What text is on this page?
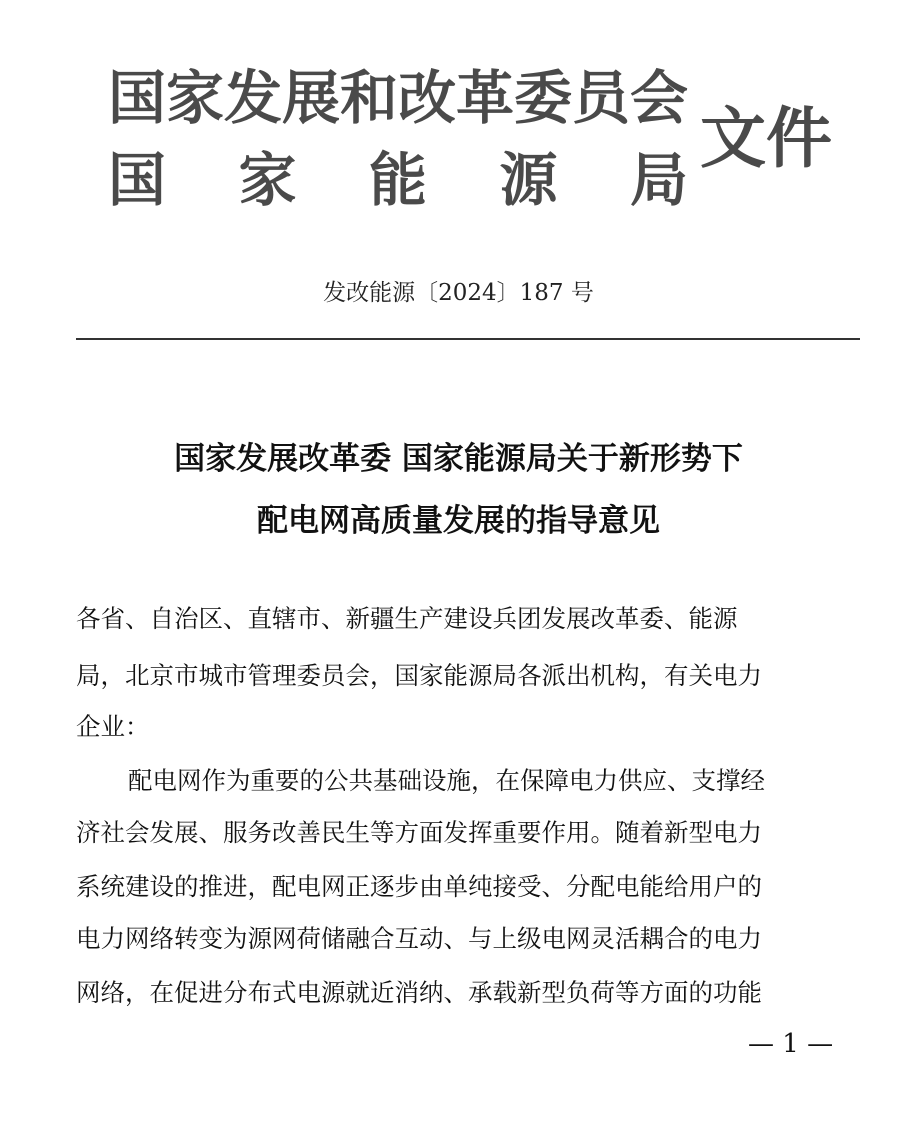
国家发展和改革委员会
国 家 能 源 局
文件
发改能源〔2024〕187 号
国家发展改革委 国家能源局关于新形势下
配电网高质量发展的指导意见
各省、自治区、直辖市、新疆生产建设兵团发展改革委、能源
局，北京市城市管理委员会，国家能源局各派出机构，有关电力
企业：
配电网作为重要的公共基础设施，在保障电力供应、支撑经
济社会发展、服务改善民生等方面发挥重要作用。随着新型电力
系统建设的推进，配电网正逐步由单纯接受、分配电能给用户的
电力网络转变为源网荷储融合互动、与上级电网灵活耦合的电力
网络，在促进分布式电源就近消纳、承载新型负荷等方面的功能
— 1 —
